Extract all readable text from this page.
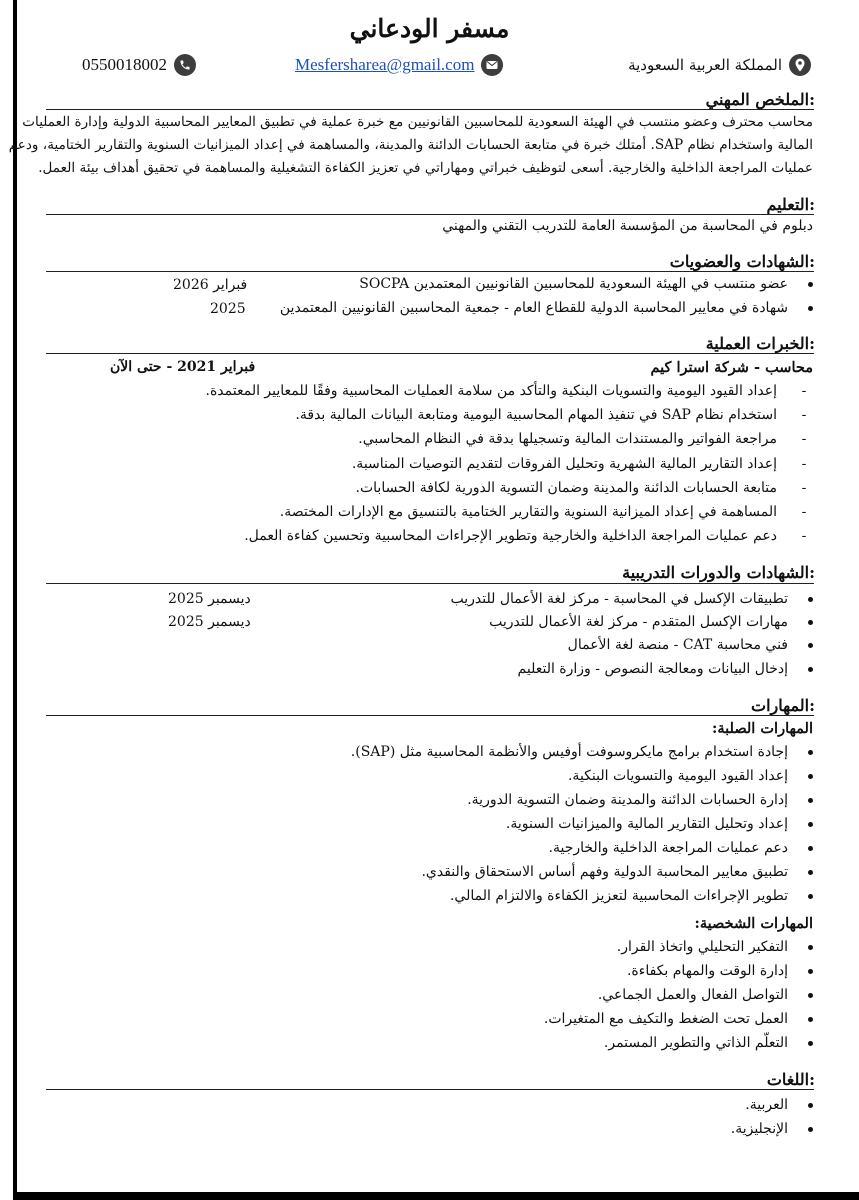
مسفر الودعاني
0550018002	Mesfersharea@gmail.com	المملكة العربية السعودية
الملخص المهني:
محاسب محترف وعضو منتسب في الهيئة السعودية للمحاسبين القانونيين مع خبرة عملية في تطبيق المعايير المحاسبية الدولية وإدارة العمليات
المالية واستخدام نظام SAP. أمتلك خبرة في متابعة الحسابات الدائنة والمدينة، والمساهمة في إعداد الميزانيات السنوية والتقارير الختامية، ودعم
عمليات المراجعة الداخلية والخارجية. أسعى لتوظيف خبراتي ومهاراتي في تعزيز الكفاءة التشغيلية والمساهمة في تحقيق أهداف بيئة العمل.
التعليم:
دبلوم في المحاسبة من المؤسسة العامة للتدريب التقني والمهني
الشهادات والعضويات:
عضو منتسب في الهيئة السعودية للمحاسبين القانونيين المعتمدين SOCPA
فبراير 2026
شهادة في معايير المحاسبة الدولية للقطاع العام - جمعية المحاسبين القانونيين المعتمدين
2025
الخبرات العملية:
محاسب - شركة استرا كيم
فبراير 2021 - حتى الآن
-
إعداد القيود اليومية والتسويات البنكية والتأكد من سلامة العمليات المحاسبية وفقًا للمعايير المعتمدة.
-
استخدام نظام SAP في تنفيذ المهام المحاسبية اليومية ومتابعة البيانات المالية بدقة.
-
مراجعة الفواتير والمستندات المالية وتسجيلها بدقة في النظام المحاسبي.
-
إعداد التقارير المالية الشهرية وتحليل الفروقات لتقديم التوصيات المناسبة.
-
متابعة الحسابات الدائنة والمدينة وضمان التسوية الدورية لكافة الحسابات.
-
المساهمة في إعداد الميزانية السنوية والتقارير الختامية بالتنسيق مع الإدارات المختصة.
-
دعم عمليات المراجعة الداخلية والخارجية وتطوير الإجراءات المحاسبية وتحسين كفاءة العمل.
الشهادات والدورات التدريبية:
تطبيقات الإكسل في المحاسبة - مركز لغة الأعمال للتدريب
ديسمبر 2025
مهارات الإكسل المتقدم - مركز لغة الأعمال للتدريب
ديسمبر 2025
فني محاسبة CAT - منصة لغة الأعمال
إدخال البيانات ومعالجة النصوص - وزارة التعليم
المهارات:
المهارات الصلبة:
إجادة استخدام برامج مايكروسوفت أوفيس والأنظمة المحاسبية مثل (SAP).
إعداد القيود اليومية والتسويات البنكية.
إدارة الحسابات الدائنة والمدينة وضمان التسوية الدورية.
إعداد وتحليل التقارير المالية والميزانيات السنوية.
دعم عمليات المراجعة الداخلية والخارجية.
تطبيق معايير المحاسبة الدولية وفهم أساس الاستحقاق والنقدي.
تطوير الإجراءات المحاسبية لتعزيز الكفاءة والالتزام المالي.
المهارات الشخصية:
التفكير التحليلي واتخاذ القرار.
إدارة الوقت والمهام بكفاءة.
التواصل الفعال والعمل الجماعي.
العمل تحت الضغط والتكيف مع المتغيرات.
التعلّم الذاتي والتطوير المستمر.
اللغات:
العربية.
الإنجليزية.
